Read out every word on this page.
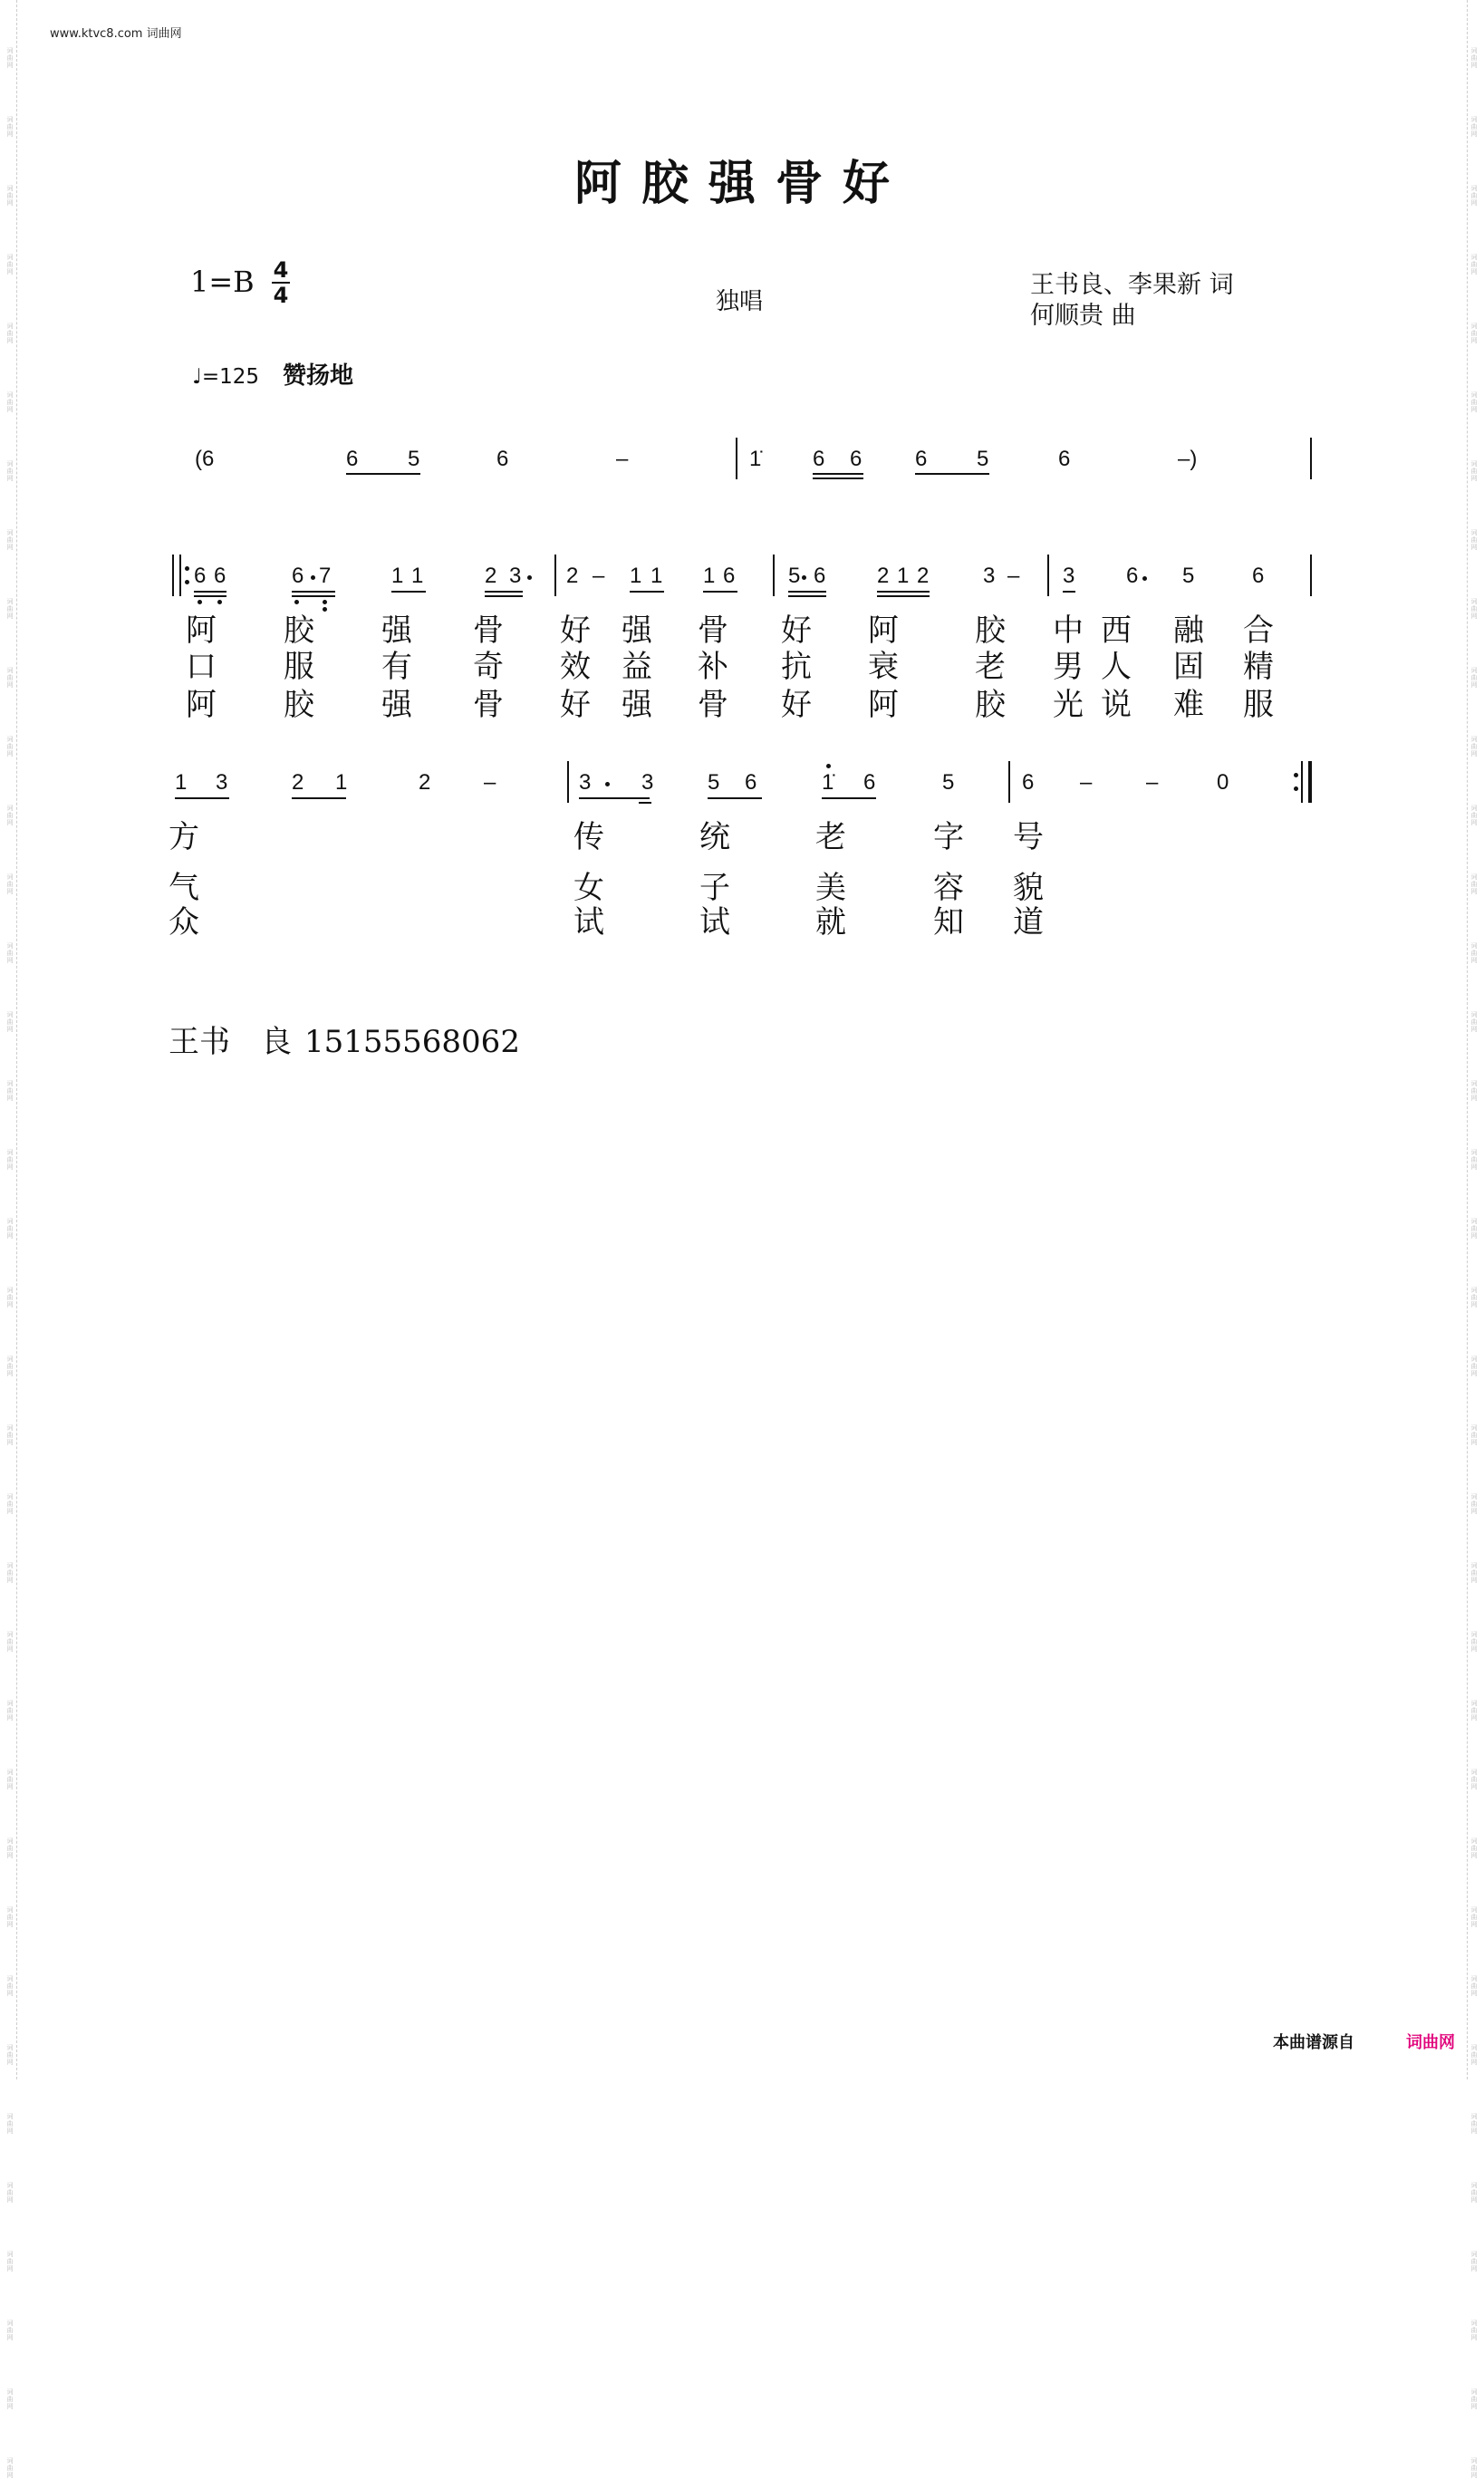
词
曲
网
词
曲
网
词
曲
网
词
曲
网
词
曲
网
词
曲
网
词
曲
网
词
曲
网
词
曲
网
词
曲
网
词
曲
网
词
曲
网
词
曲
网
词
曲
网
词
曲
网
词
曲
网
词
曲
网
词
曲
网
词
曲
网
词
曲
网
词
曲
网
词
曲
网
词
曲
网
词
曲
网
词
曲
网
词
曲
网
词
曲
网
词
曲
网
词
曲
网
词
曲
网
词
曲
网
词
曲
网
词
曲
网
词
曲
网
词
曲
网
词
曲
网
词
曲
网
词
曲
网
词
曲
网
词
曲
网
词
曲
网
词
曲
网
词
曲
网
词
曲
网
词
曲
网
词
曲
网
词
曲
网
词
曲
网
词
曲
网
词
曲
网
词
曲
网
词
曲
网
词
曲
网
词
曲
网
词
曲
网
词
曲
网
词
曲
网
词
曲
网
词
曲
网
词
曲
网
词
曲
网
词
曲
网
词
曲
网
词
曲
网
词
曲
网
词
曲
网
词
曲
网
词
曲
网
词
曲
网
词
曲
网
词
曲
网
词
曲
网
www.ktvc8.com 词曲网
阿胶强骨好
1=B 4
4	独唱
王书良、李果新 词
何顺贵 曲
♩=125 赞扬地
(6	6 5	6	–	1̇ 6 6 6 5	6	–)
6 6	6 7	1 1	2 3 2 – 1 1 1 6 5 6 2 1 2 3 – 3 6 5	6
1 3	2 1	2 –	3 3 5 6	1̇ 6	5	6 – –	0
阿 胶 强 骨 好 强 骨 好 阿 胶 中 西 融 合
口 服 有 奇 效 益 补 抗 衰 老 男 人 固 精
阿 胶 强 骨 好 强 骨 好 阿 胶 光 说 难 服
方	传	统	老	字 号
气	女	子	美	容 貌
众	试	试	就	知 道
王书　良 15155568062
本曲谱源自	词曲网
